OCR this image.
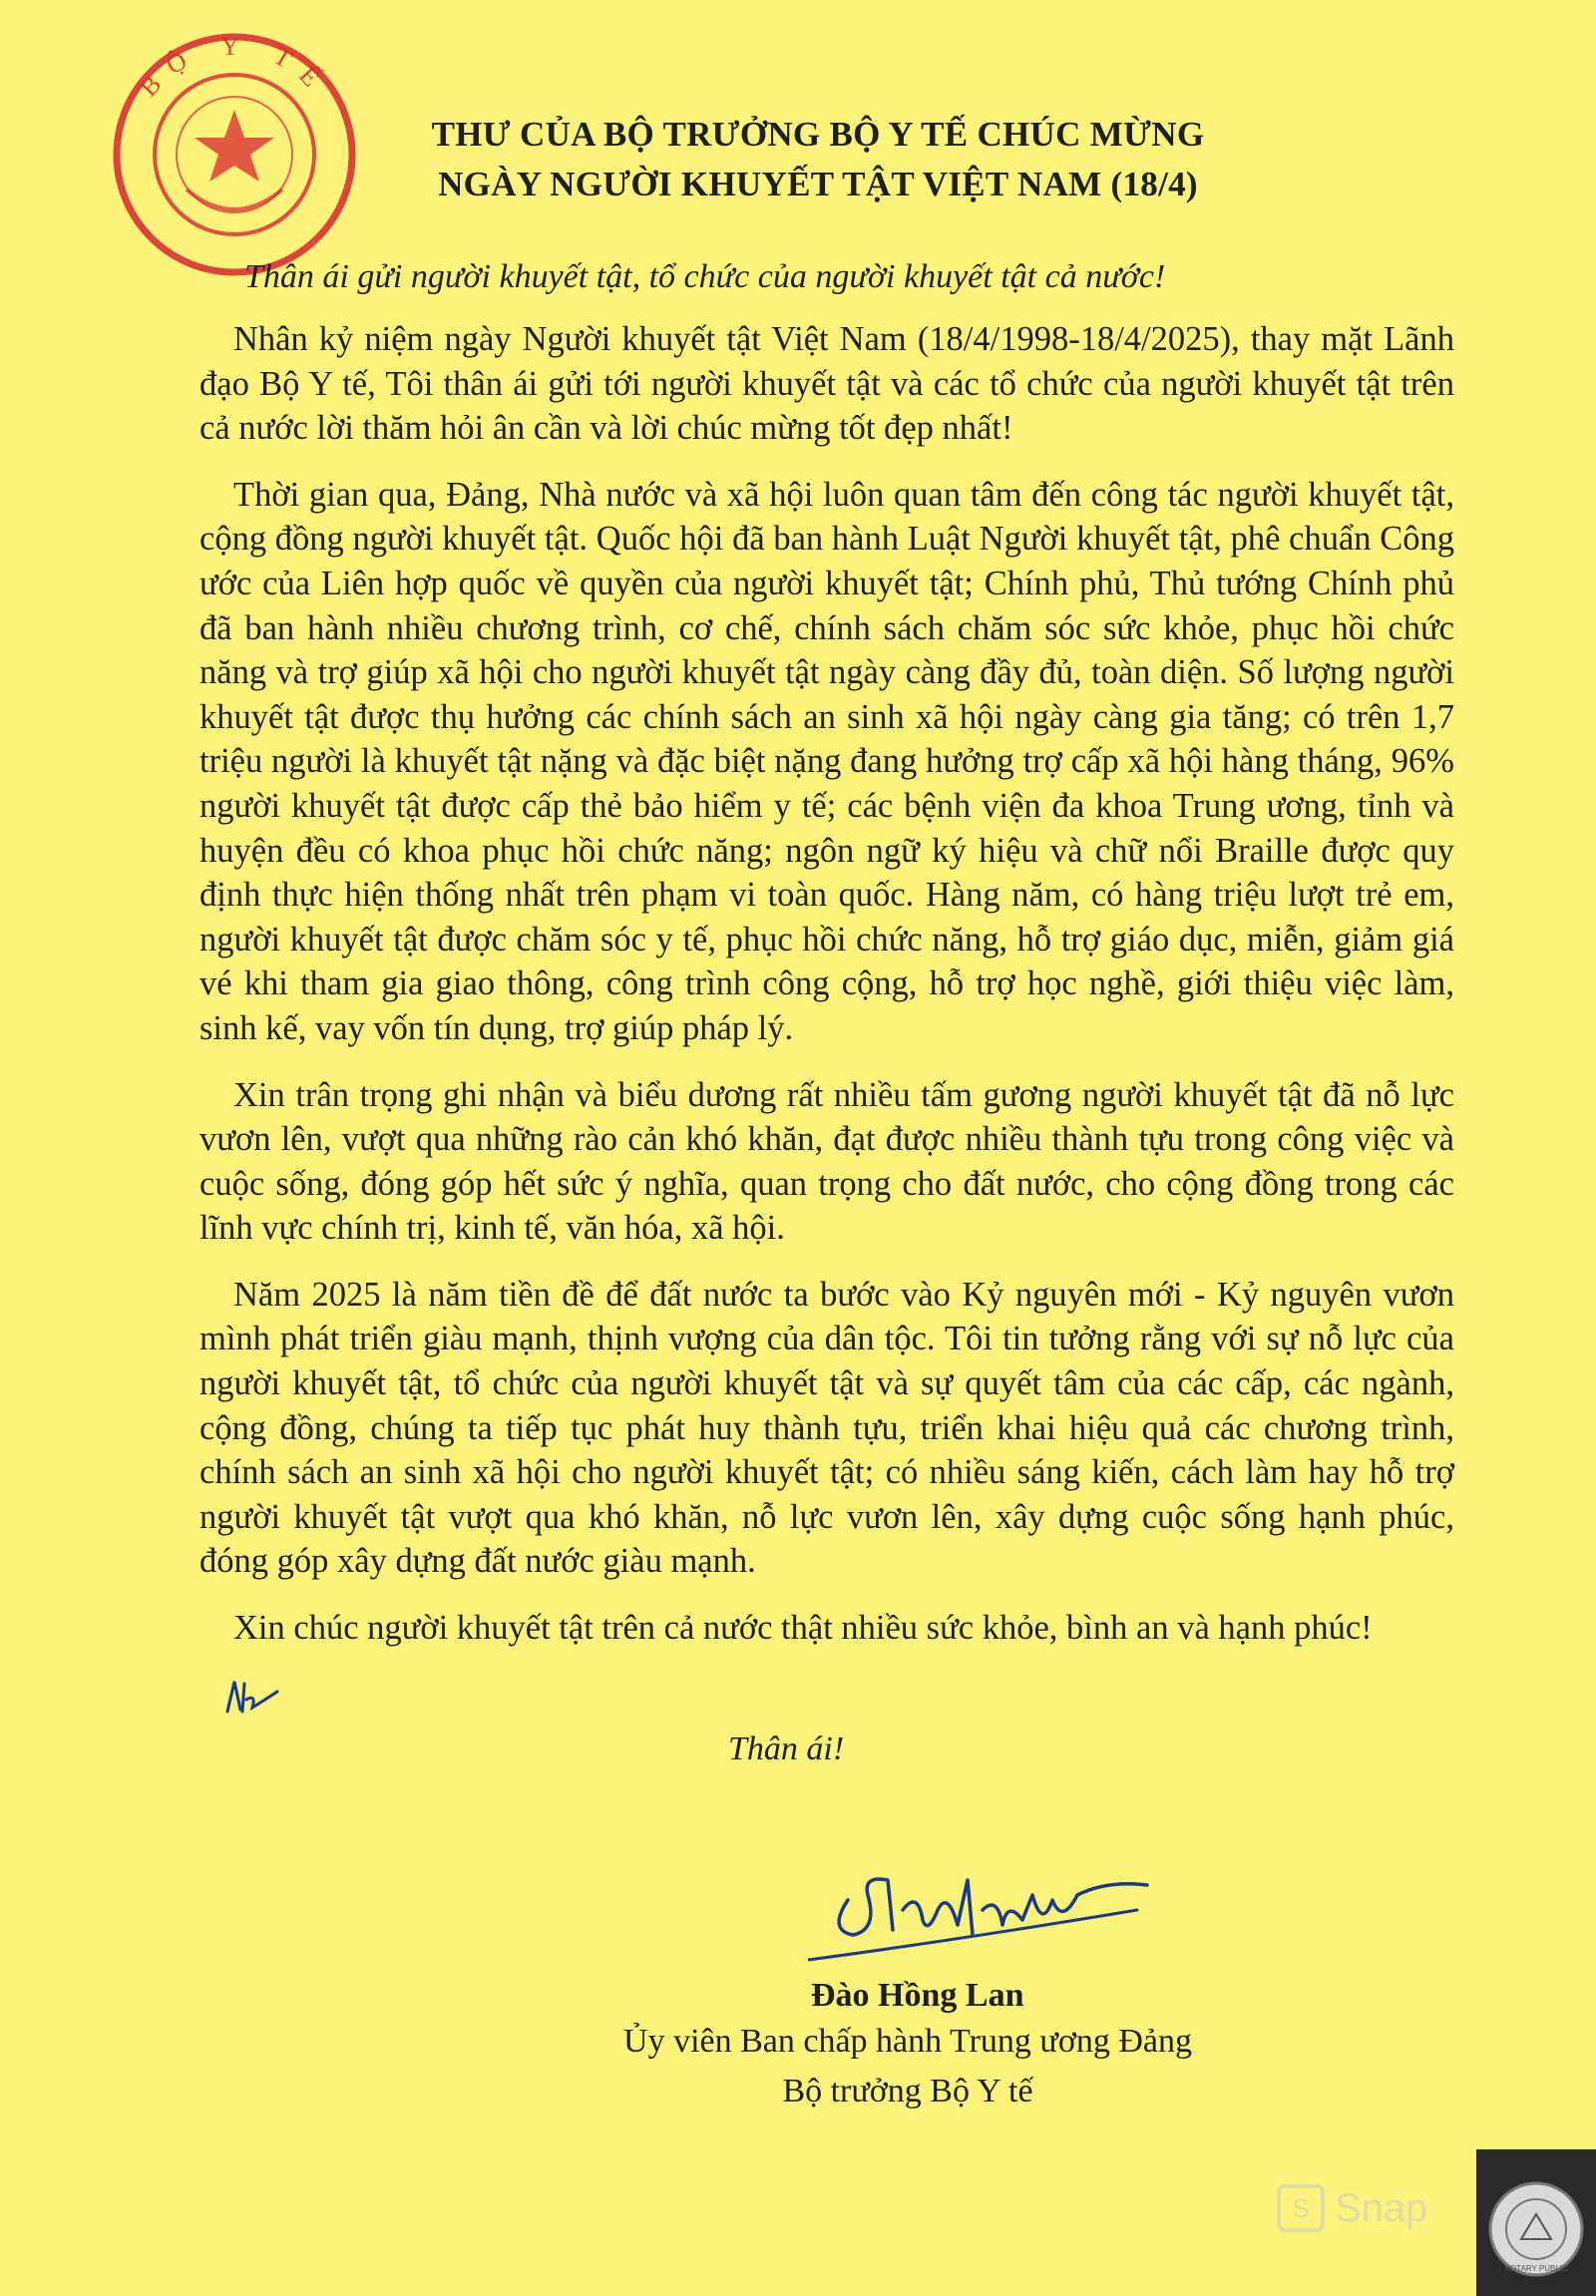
BỘ Y TẾ
THƯ CỦA BỘ TRƯỞNG BỘ Y TẾ CHÚC MỪNG
NGÀY NGƯỜI KHUYẾT TẬT VIỆT NAM (18/4)
Thân ái gửi người khuyết tật, tổ chức của người khuyết tật cả nước!

Nhân kỷ niệm ngày Người khuyết tật Việt Nam (18/4/1998-18/4/2025), thay mặt Lãnh đạo Bộ Y tế, Tôi thân ái gửi tới người khuyết tật và các tổ chức của người khuyết tật trên cả nước lời thăm hỏi ân cần và lời chúc mừng tốt đẹp nhất!

Thời gian qua, Đảng, Nhà nước và xã hội luôn quan tâm đến công tác người khuyết tật, cộng đồng người khuyết tật. Quốc hội đã ban hành Luật Người khuyết tật, phê chuẩn Công ước của Liên hợp quốc về quyền của người khuyết tật; Chính phủ, Thủ tướng Chính phủ đã ban hành nhiều chương trình, cơ chế, chính sách chăm sóc sức khỏe, phục hồi chức năng và trợ giúp xã hội cho người khuyết tật ngày càng đầy đủ, toàn diện. Số lượng người khuyết tật được thụ hưởng các chính sách an sinh xã hội ngày càng gia tăng; có trên 1,7 triệu người là khuyết tật nặng và đặc biệt nặng đang hưởng trợ cấp xã hội hàng tháng, 96% người khuyết tật được cấp thẻ bảo hiểm y tế; các bệnh viện đa khoa Trung ương, tỉnh và huyện đều có khoa phục hồi chức năng; ngôn ngữ ký hiệu và chữ nổi Braille được quy định thực hiện thống nhất trên phạm vi toàn quốc. Hàng năm, có hàng triệu lượt trẻ em, người khuyết tật được chăm sóc y tế, phục hồi chức năng, hỗ trợ giáo dục, miễn, giảm giá vé khi tham gia giao thông, công trình công cộng, hỗ trợ học nghề, giới thiệu việc làm, sinh kế, vay vốn tín dụng, trợ giúp pháp lý.

Xin trân trọng ghi nhận và biểu dương rất nhiều tấm gương người khuyết tật đã nỗ lực vươn lên, vượt qua những rào cản khó khăn, đạt được nhiều thành tựu trong công việc và cuộc sống, đóng góp hết sức ý nghĩa, quan trọng cho đất nước, cho cộng đồng trong các lĩnh vực chính trị, kinh tế, văn hóa, xã hội.

Năm 2025 là năm tiền đề để đất nước ta bước vào Kỷ nguyên mới - Kỷ nguyên vươn mình phát triển giàu mạnh, thịnh vượng của dân tộc. Tôi tin tưởng rằng với sự nỗ lực của người khuyết tật, tổ chức của người khuyết tật và sự quyết tâm của các cấp, các ngành, cộng đồng, chúng ta tiếp tục phát huy thành tựu, triển khai hiệu quả các chương trình, chính sách an sinh xã hội cho người khuyết tật; có nhiều sáng kiến, cách làm hay hỗ trợ người khuyết tật vượt qua khó khăn, nỗ lực vươn lên, xây dựng cuộc sống hạnh phúc, đóng góp xây dựng đất nước giàu mạnh.

Xin chúc người khuyết tật trên cả nước thật nhiều sức khỏe, bình an và hạnh phúc!

Thân ái!
Đào Hồng Lan
Ủy viên Ban chấp hành Trung ương Đảng
Bộ trưởng Bộ Y tế
S Snap
NOTARY PUBLIC
